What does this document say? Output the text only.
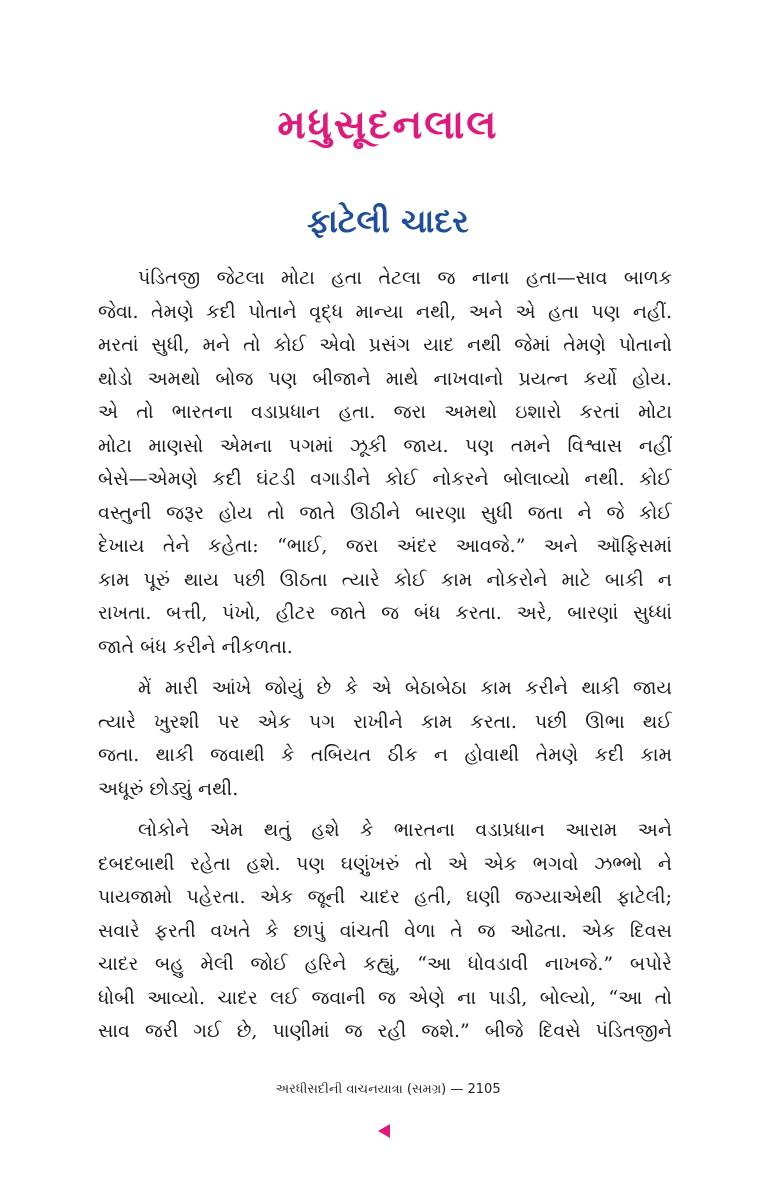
મધુસૂદનલાલ
ફાટેલી ચાદર
પંડિતજી જેટલા મોટા હતા તેટલા જ નાના હતા—સાવ બાળક
જેવા. તેમણે કદી પોતાને વૃદ્ધ માન્યા નથી, અને એ હતા પણ નહીં.
મરતાં સુધી, મને તો કોઈ એવો પ્રસંગ યાદ નથી જેમાં તેમણે પોતાનો
થોડો અમથો બોજ પણ બીજાને માથે નાખવાનો પ્રયત્ન કર્યો હોય.
એ તો ભારતના વડાપ્રધાન હતા. જરા અમથો ઇશારો કરતાં મોટા
મોટા માણસો એમના પગમાં ઝૂકી જાય. પણ તમને વિશ્વાસ નહીં
બેસે—એમણે કદી ઘંટડી વગાડીને કોઈ નોકરને બોલાવ્યો નથી. કોઈ
વસ્તુની જરૂર હોય તો જાતે ઊઠીને બારણા સુધી જતા ને જે કોઈ
દેખાય તેને કહેતા: “ભાઈ, જરા અંદર આવજે.” અને ઑફિસમાં
કામ પૂરું થાય પછી ઊઠતા ત્યારે કોઈ કામ નોકરોને માટે બાકી ન
રાખતા. બત્તી, પંખો, હીટર જાતે જ બંધ કરતા. અરે, બારણાં સુધ્ધાં
જાતે બંધ કરીને નીકળતા.
મેં મારી આંખે જોયું છે કે એ બેઠાબેઠા કામ કરીને થાકી જાય
ત્યારે ખુરશી પર એક પગ રાખીને કામ કરતા. પછી ઊભા થઈ
જતા. થાકી જવાથી કે તબિયત ઠીક ન હોવાથી તેમણે કદી કામ
અધૂરું છોડ્યું નથી.
લોકોને એમ થતું હશે કે ભારતના વડાપ્રધાન આરામ અને
દબદબાથી રહેતા હશે. પણ ઘણુંખરું તો એ એક ભગવો ઝભ્ભો ને
પાયજામો પહેરતા. એક જૂની ચાદર હતી, ઘણી જગ્યાએથી ફાટેલી;
સવારે ફરતી વખતે કે છાપું વાંચતી વેળા તે જ ઓઢતા. એક દિવસ
ચાદર બહુ મેલી જોઈ હરિને કહ્યું, “આ ધોવડાવી નાખજે.” બપોરે
ધોબી આવ્યો. ચાદર લઈ જવાની જ એણે ના પાડી, બોલ્યો, “આ તો
સાવ જરી ગઈ છે, પાણીમાં જ રહી જશે.” બીજે દિવસે પંડિતજીને
અરધીસદીની વાચનયાત્રા (સમગ્ર) — 2105
